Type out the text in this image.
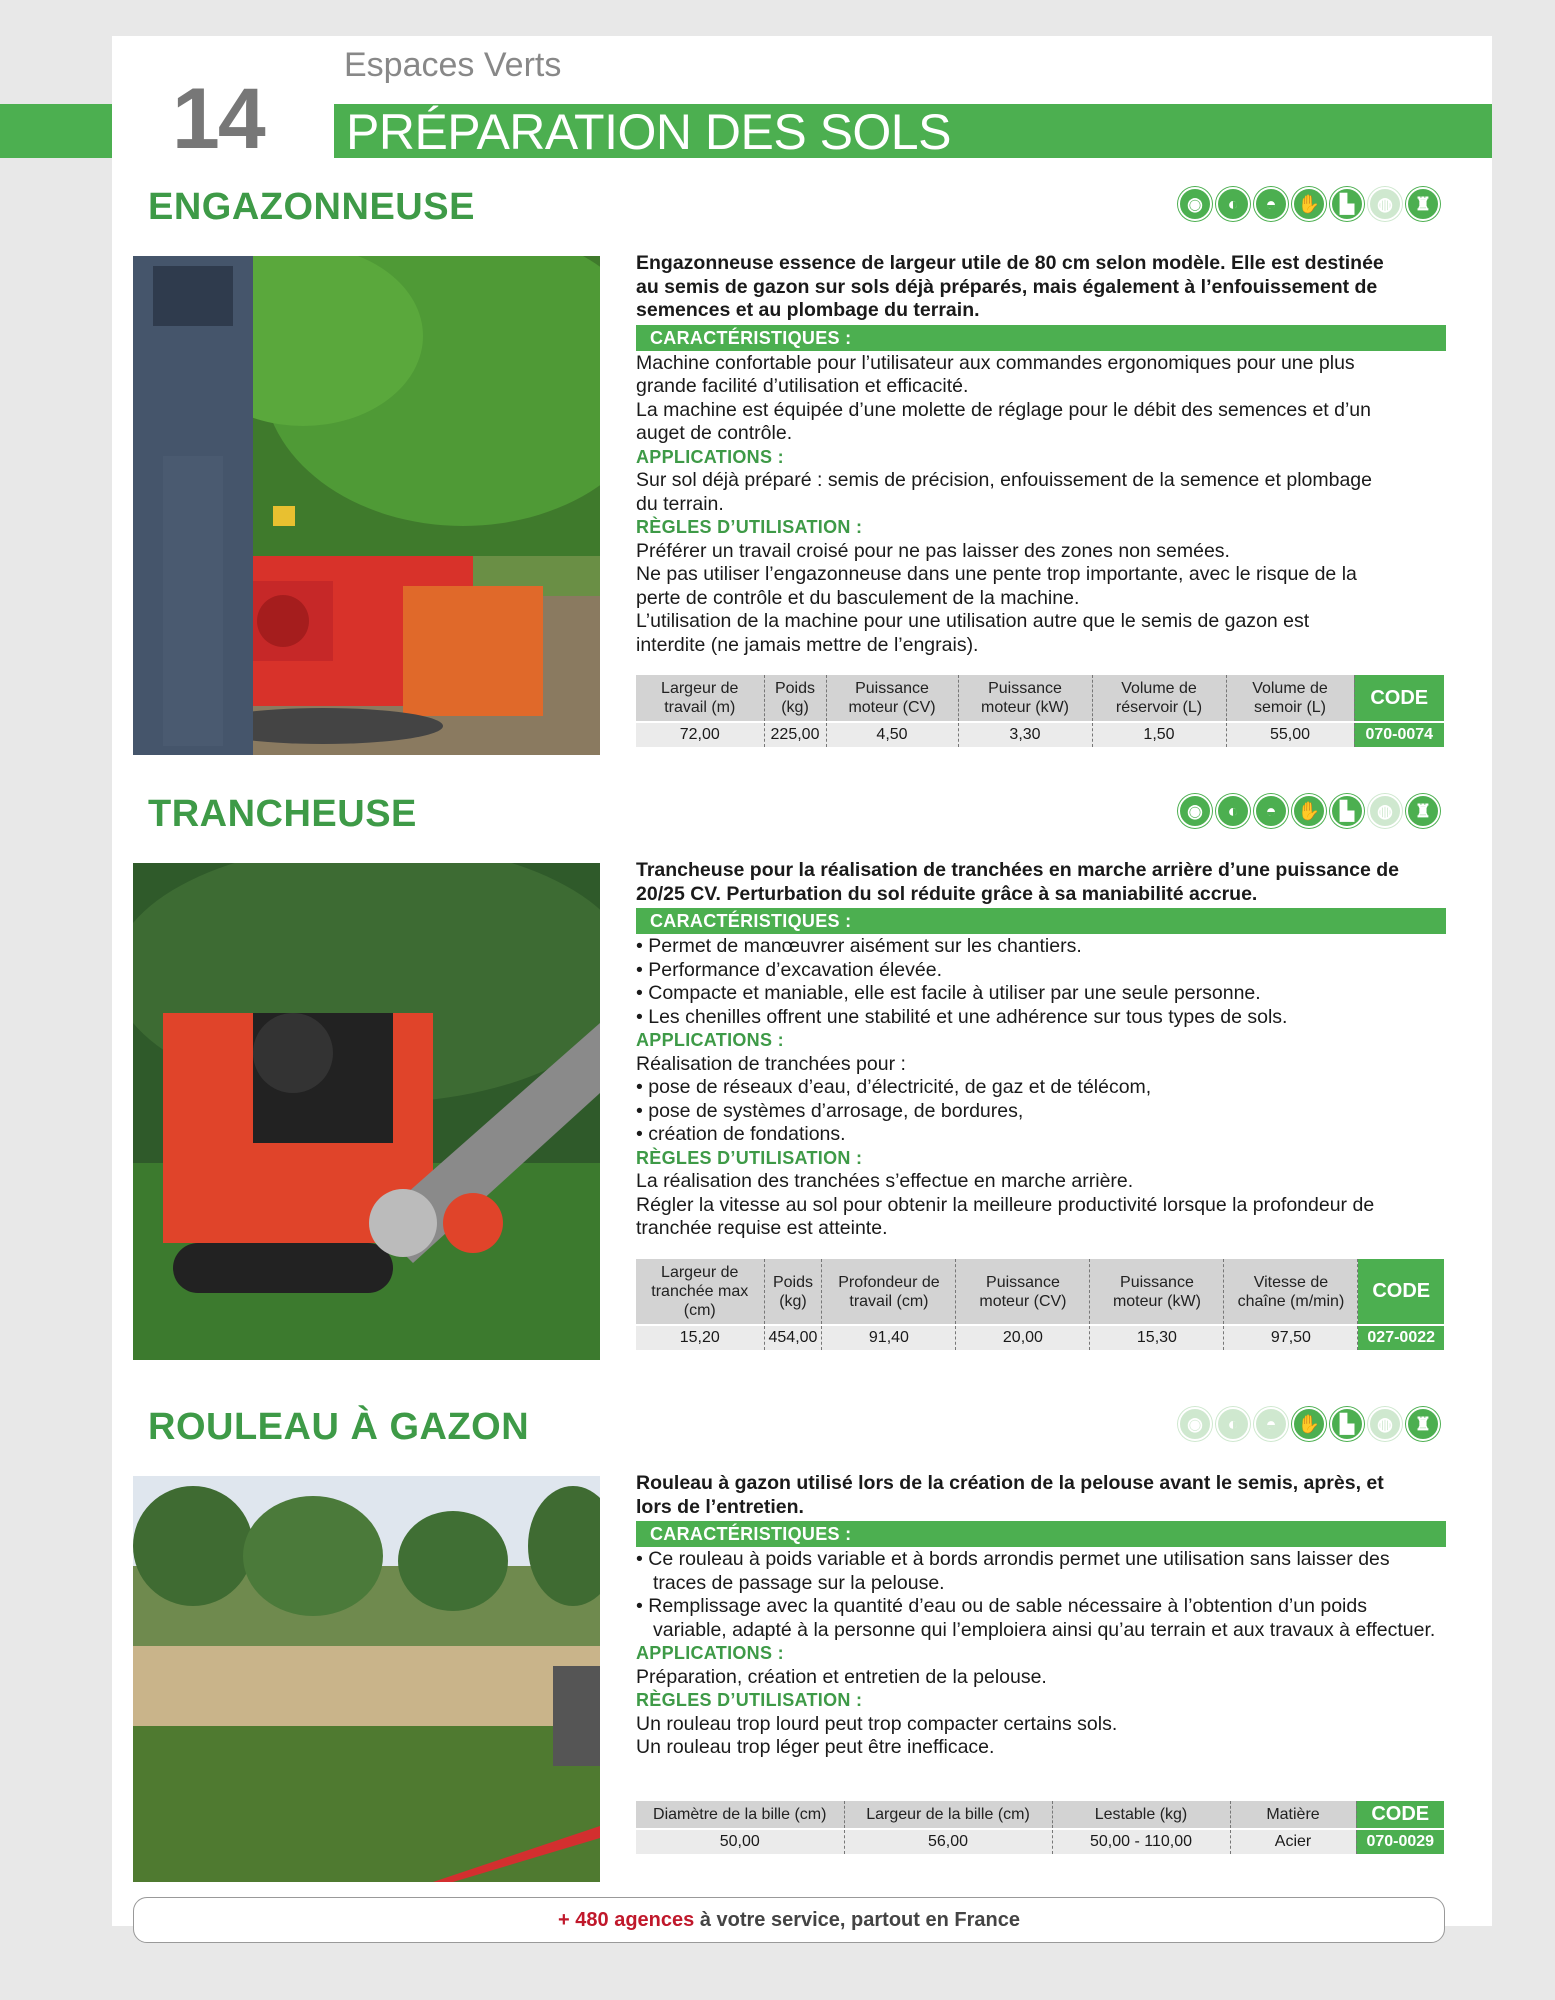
14
Espaces Verts
PRÉPARATION DES SOLS
ENGAZONNEUSE	◉	◐	◓	✋	▙	◍	♜
Engazonneuse essence de largeur utile de 80 cm selon modèle. Elle est destinée
au semis de gazon sur sols déjà préparés, mais également à l’enfouissement de
semences et au plombage du terrain.
CARACTÉRISTIQUES :
Machine confortable pour l’utilisateur aux commandes ergonomiques pour une plus
grande facilité d’utilisation et efficacité.
La machine est équipée d’une molette de réglage pour le débit des semences et d’un
auget de contrôle.
APPLICATIONS :
Sur sol déjà préparé : semis de précision, enfouissement de la semence et plombage
du terrain.
RÈGLES D’UTILISATION :
Préférer un travail croisé pour ne pas laisser des zones non semées.
Ne pas utiliser l’engazonneuse dans une pente trop importante, avec le risque de la
perte de contrôle et du basculement de la machine.
L’utilisation de la machine pour une utilisation autre que le semis de gazon est
interdite (ne jamais mettre de l’engrais).
Largeur de travail (m)	Poids (kg)	Puissance moteur (CV)	Puissance moteur (kW)	Volume de réservoir (L)	Volume de semoir (L)	CODE
72,00	225,00	4,50	3,30	1,50	55,00	070-0074
TRANCHEUSE	◉	◐	◓	✋	▙	◍	♜
Trancheuse pour la réalisation de tranchées en marche arrière d’une puissance de
20/25 CV. Perturbation du sol réduite grâce à sa maniabilité accrue.
CARACTÉRISTIQUES :
• Permet de manœuvrer aisément sur les chantiers.
• Performance d’excavation élevée.
• Compacte et maniable, elle est facile à utiliser par une seule personne.
• Les chenilles offrent une stabilité et une adhérence sur tous types de sols.
APPLICATIONS :
Réalisation de tranchées pour :
• pose de réseaux d’eau, d’électricité, de gaz et de télécom,
• pose de systèmes d’arrosage, de bordures,
• création de fondations.
RÈGLES D’UTILISATION :
La réalisation des tranchées s’effectue en marche arrière.
Régler la vitesse au sol pour obtenir la meilleure productivité lorsque la profondeur de
tranchée requise est atteinte.
Largeur de tranchée max (cm)	Poids (kg)	Profondeur de travail (cm)	Puissance moteur (CV)	Puissance moteur (kW)	Vitesse de chaîne (m/min)	CODE
15,20	454,00	91,40	20,00	15,30	97,50	027-0022
ROULEAU À GAZON	◉	◐	◓	✋	▙	◍	♜
Rouleau à gazon utilisé lors de la création de la pelouse avant le semis, après, et
lors de l’entretien.
CARACTÉRISTIQUES :
• Ce rouleau à poids variable et à bords arrondis permet une utilisation sans laisser des traces de passage sur la pelouse.
• Remplissage avec la quantité d’eau ou de sable nécessaire à l’obtention d’un poids variable, adapté à la personne qui l’emploiera ainsi qu’au terrain et aux travaux à effectuer.
APPLICATIONS :
Préparation, création et entretien de la pelouse.
RÈGLES D’UTILISATION :
Un rouleau trop lourd peut trop compacter certains sols.
Un rouleau trop léger peut être inefficace.
Diamètre de la bille (cm)	Largeur de la bille (cm)	Lestable (kg)	Matière	CODE
50,00	56,00	50,00 - 110,00	Acier	070-0029
+ 480 agences à votre service, partout en France
